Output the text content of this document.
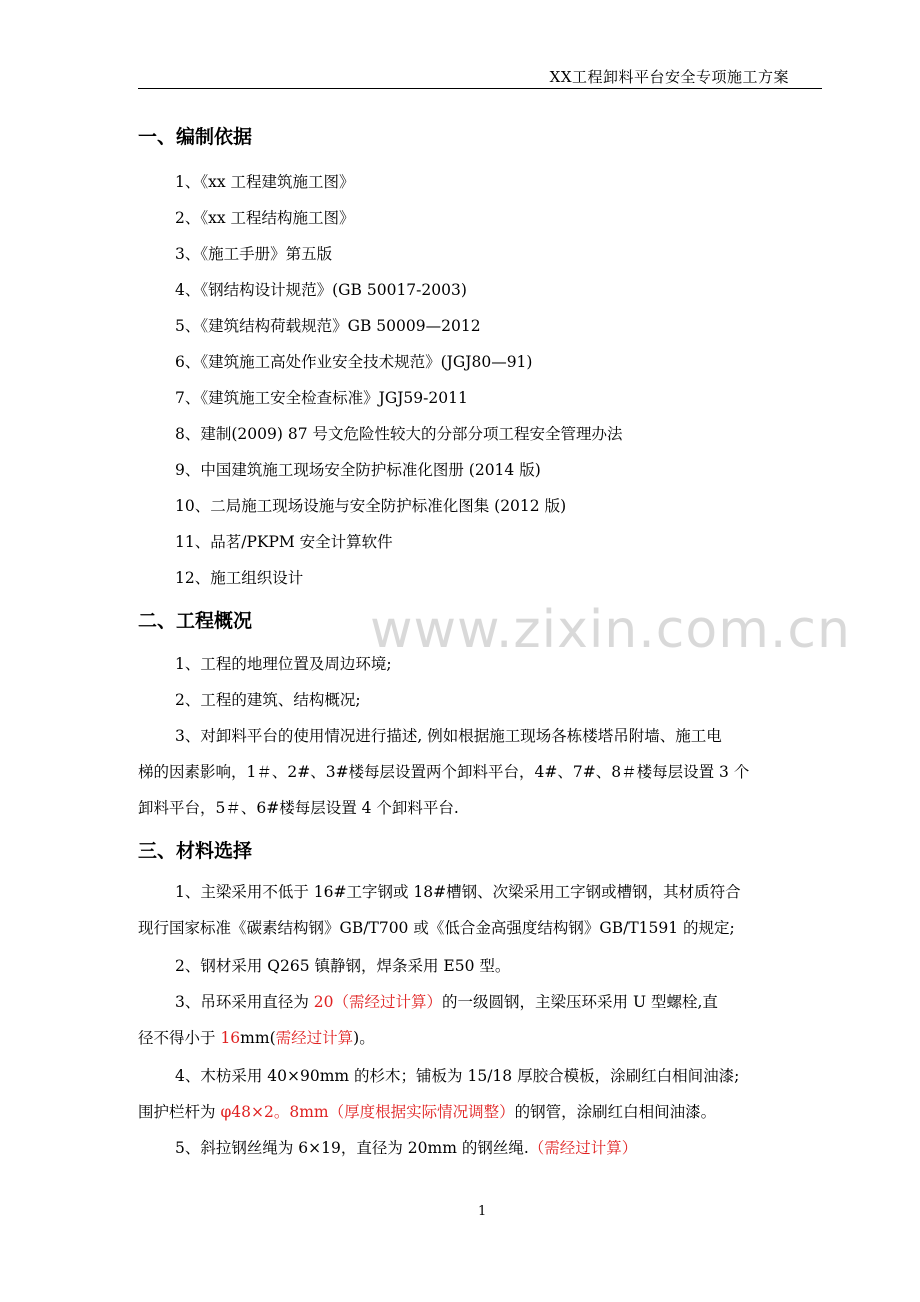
XX工程卸料平台安全专项施工方案
一、编制依据
1、《xx 工程建筑施工图》
2、《xx 工程结构施工图》
3、《施工手册》第五版
4、《钢结构设计规范》(GB 50017-2003)
5、《建筑结构荷载规范》GB 50009—2012
6、《建筑施工高处作业安全技术规范》(JGJ80—91)
7、《建筑施工安全检查标准》JGJ59-2011
8、建制(2009) 87 号文危险性较大的分部分项工程安全管理办法
9、中国建筑施工现场安全防护标准化图册 (2014 版)
10、二局施工现场设施与安全防护标准化图集 (2012 版)
11、品茗/PKPM 安全计算软件
12、施工组织设计
二、工程概况
1、工程的地理位置及周边环境;
2、工程的建筑、结构概况;
3、对卸料平台的使用情况进行描述, 例如根据施工现场各栋楼塔吊附墙、施工电
梯的因素影响，1＃、2#、3#楼每层设置两个卸料平台，4#、7#、8＃楼每层设置 3 个
卸料平台，5＃、6#楼每层设置 4 个卸料平台.
www.zixin.com.cn
三、材料选择
1、主梁采用不低于 16#工字钢或 18#槽钢、次梁采用工字钢或槽钢，其材质符合
现行国家标准《碳素结构钢》GB/T700 或《低合金高强度结构钢》GB/T1591 的规定;
2、钢材采用 Q265 镇静钢，焊条采用 E50 型。
3、吊环采用直径为 20（需经过计算）的一级圆钢，主梁压环采用 U 型螺栓,直
径不得小于 16mm(需经过计算)。
4、木枋采用 40×90mm 的杉木；铺板为 15/18 厚胶合模板，涂刷红白相间油漆;
围护栏杆为 φ48×2。8mm（厚度根据实际情况调整）的钢管，涂刷红白相间油漆。
5、斜拉钢丝绳为 6×19，直径为 20mm 的钢丝绳.（需经过计算）
1
